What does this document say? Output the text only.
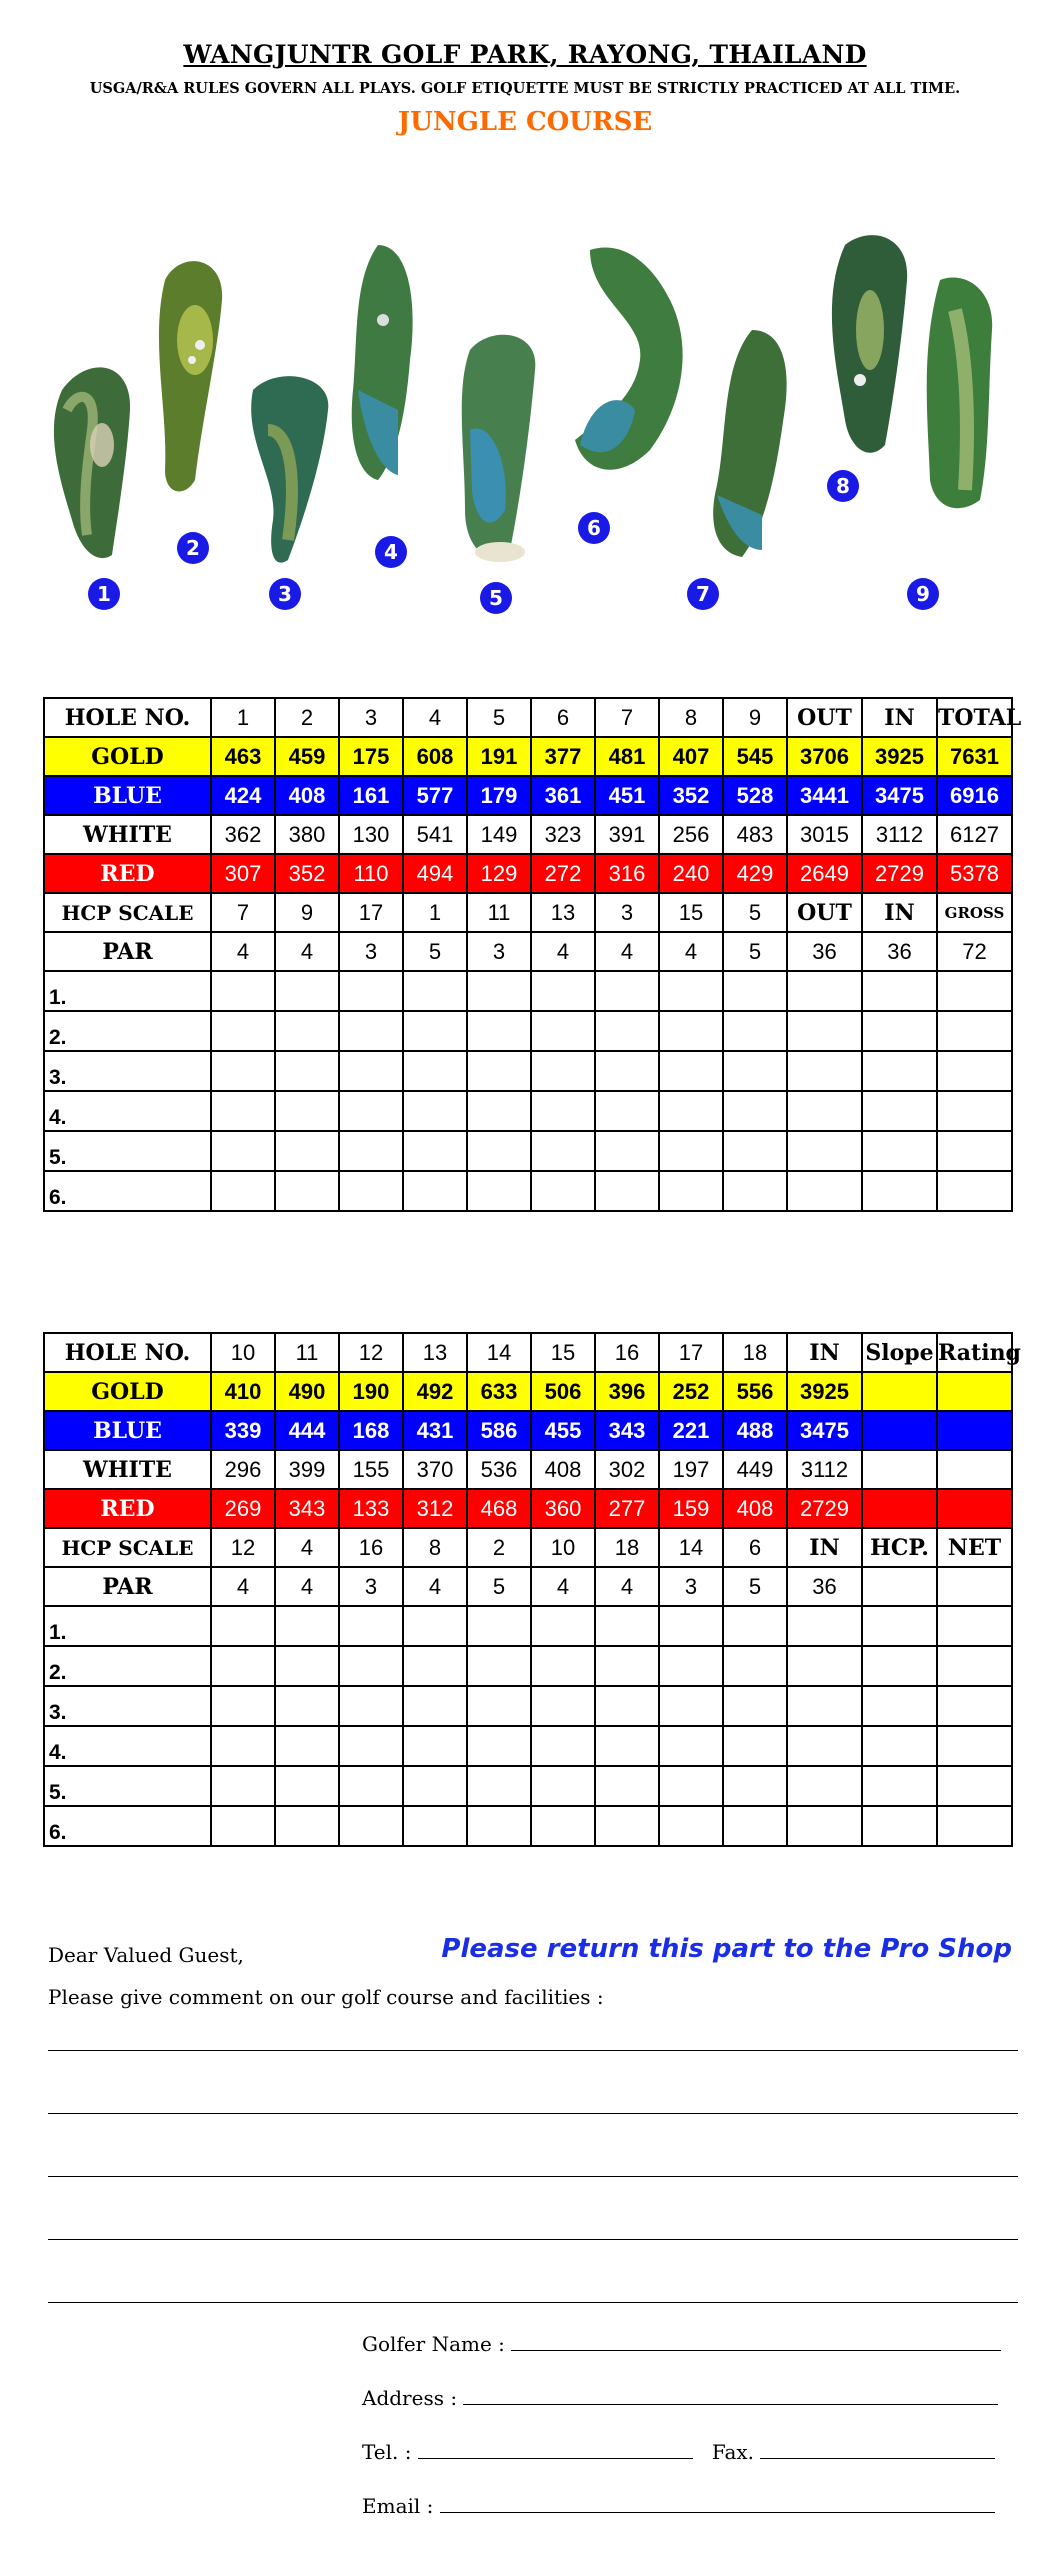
WANGJUNTR GOLF PARK, RAYONG, THAILAND
USGA/R&A RULES GOVERN ALL PLAYS. GOLF ETIQUETTE MUST BE STRICTLY PRACTICED AT ALL TIME.
JUNGLE COURSE
1
2
3
4
5
6
7
8
9
HOLE NO.	1	2	3	4	5	6	7	8	9	OUT	IN	TOTAL
GOLD	463	459	175	608	191	377	481	407	545	3706	3925	7631
BLUE	424	408	161	577	179	361	451	352	528	3441	3475	6916
WHITE	362	380	130	541	149	323	391	256	483	3015	3112	6127
RED	307	352	110	494	129	272	316	240	429	2649	2729	5378
HCP SCALE	7	9	17	1	11	13	3	15	5	OUT	IN	GROSS
PAR	4	4	3	5	3	4	4	4	5	36	36	72
1.												
2.												
3.												
4.												
5.												
6.												
HOLE NO.	10	11	12	13	14	15	16	17	18	IN	Slope	Rating
GOLD	410	490	190	492	633	506	396	252	556	3925		
BLUE	339	444	168	431	586	455	343	221	488	3475		
WHITE	296	399	155	370	536	408	302	197	449	3112		
RED	269	343	133	312	468	360	277	159	408	2729		
HCP SCALE	12	4	16	8	2	10	18	14	6	IN	HCP.	NET
PAR	4	4	3	4	5	4	4	3	5	36		
1.												
2.												
3.												
4.												
5.												
6.												
Dear Valued Guest,	Please return this part to the Pro Shop
Please give comment on our golf course and facilities :
Golfer Name :
Address :
Tel. :	Fax.
Email :
